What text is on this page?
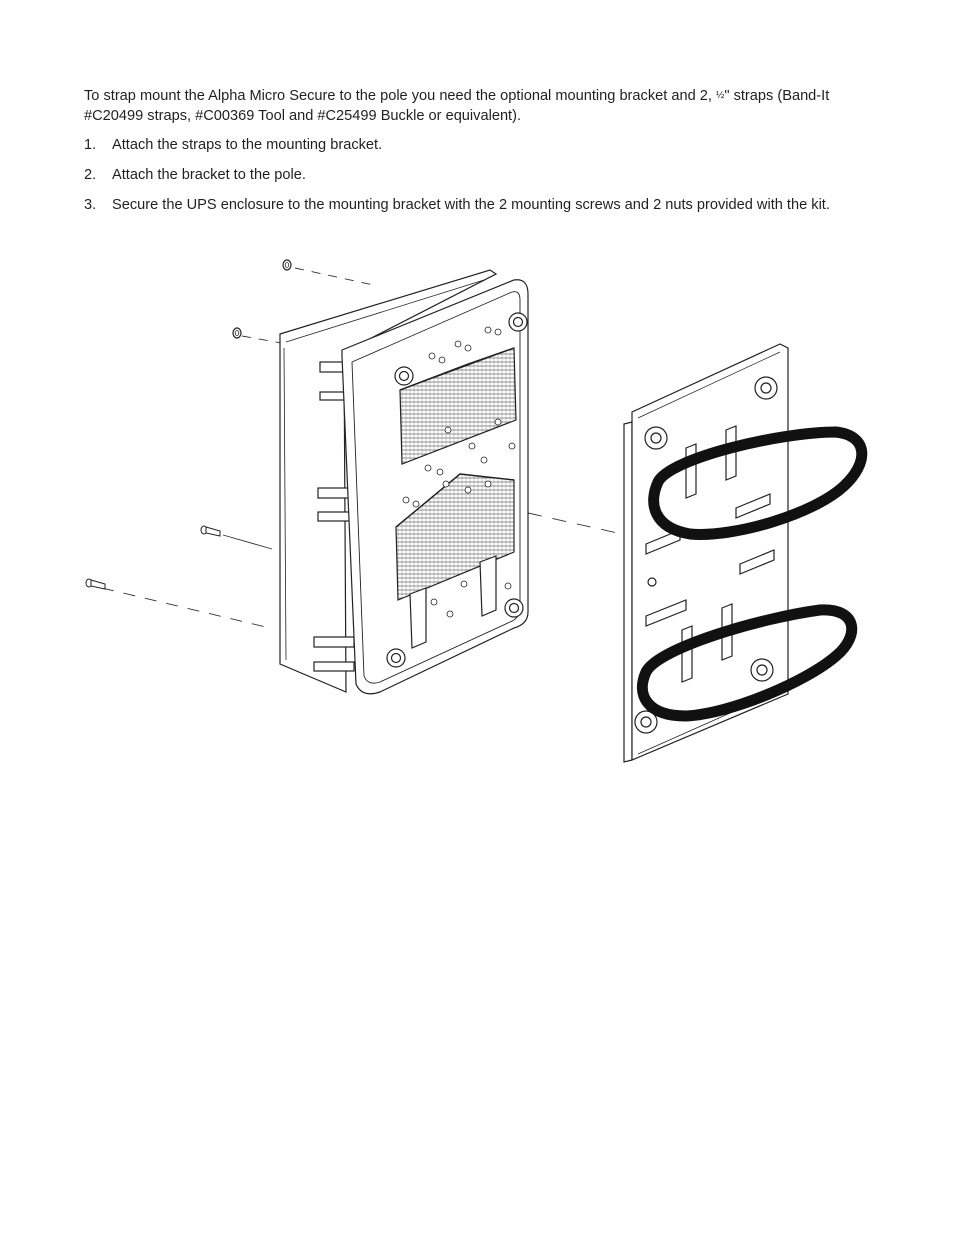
To strap mount the Alpha Micro Secure to the pole you need the optional mounting bracket and 2, ½" straps (Band-It #C20499 straps, #C00369 Tool and #C25499 Buckle or equivalent).

1. Attach the straps to the mounting bracket.
2. Attach the bracket to the pole.
3. Secure the UPS enclosure to the mounting bracket with the 2 mounting screws and 2 nuts provided with the kit.
